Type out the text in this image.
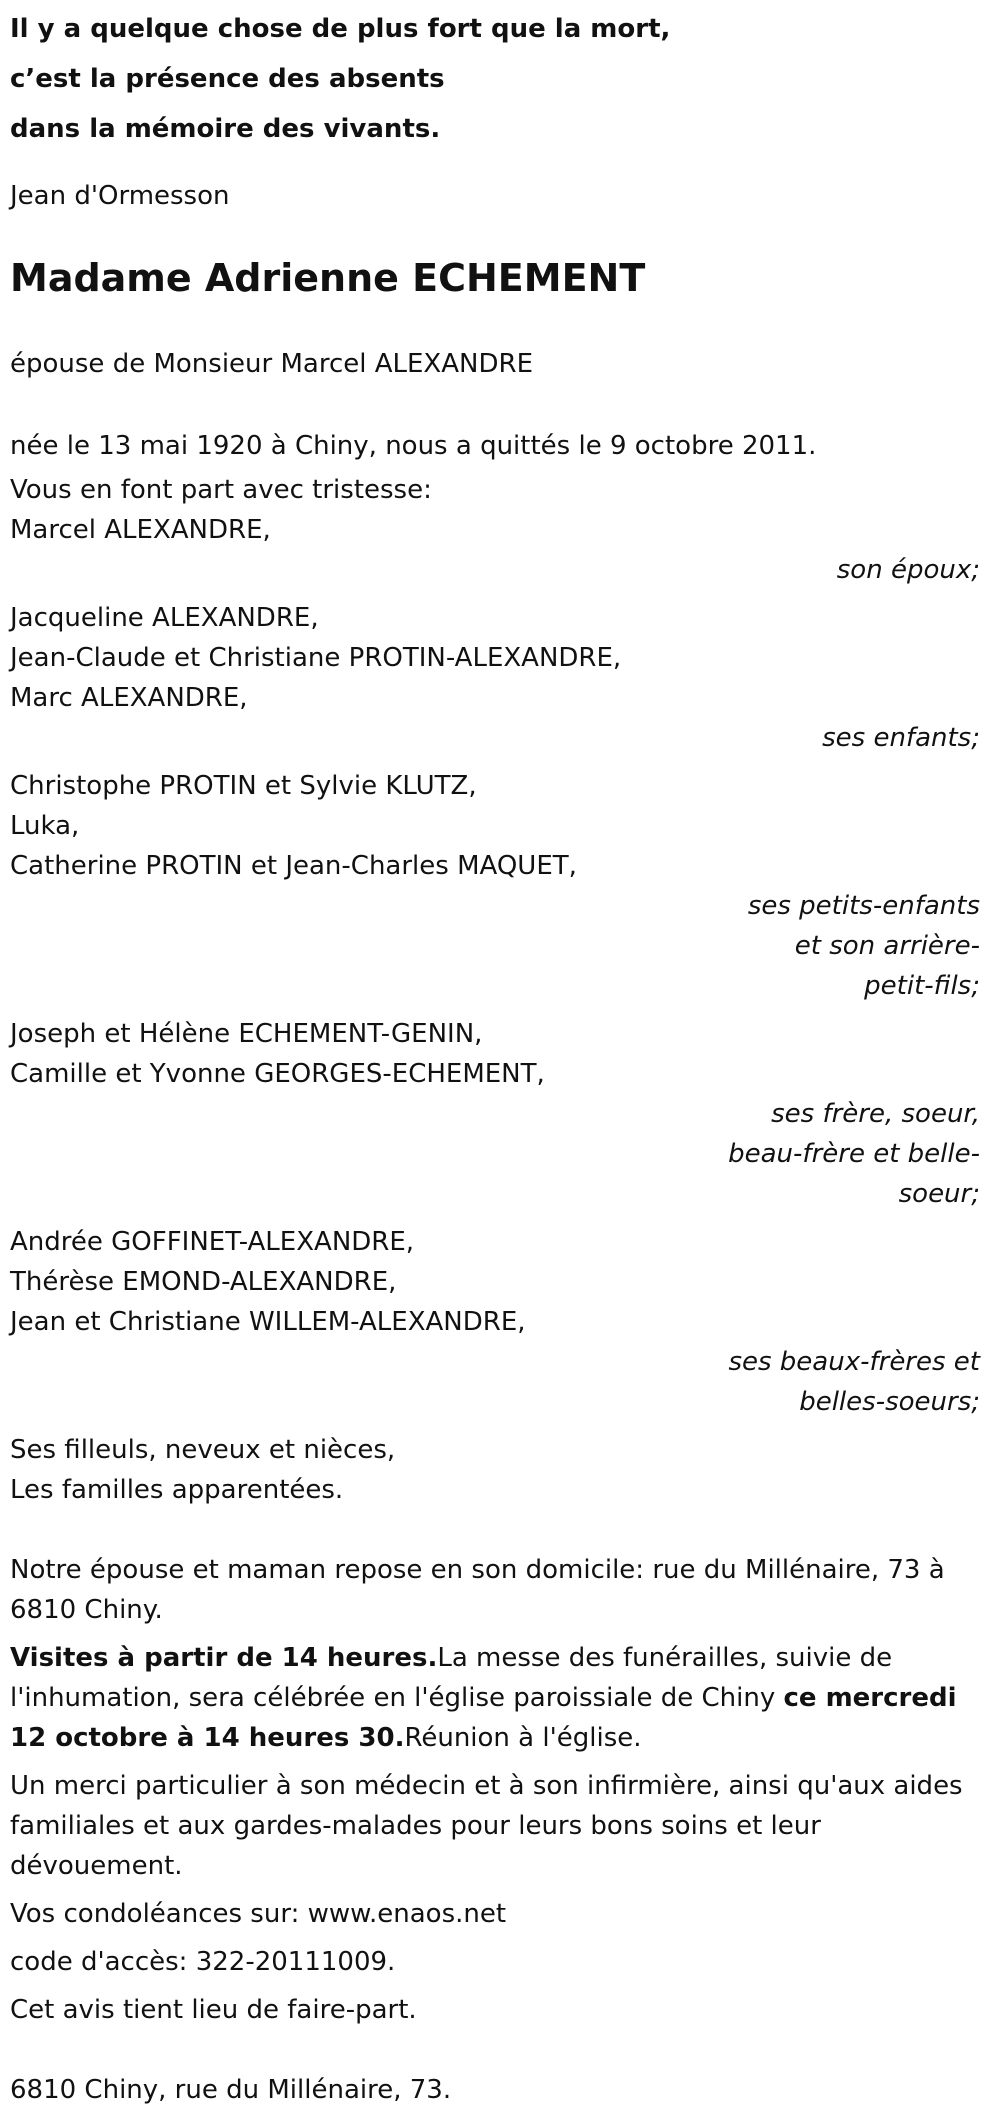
Il y a quelque chose de plus fort que la mort,
c’est la présence des absents
dans la mémoire des vivants.
Jean d'Ormesson
Madame Adrienne ECHEMENT
épouse de Monsieur Marcel ALEXANDRE
née le 13 mai 1920 à Chiny, nous a quittés le 9 octobre 2011.
Vous en font part avec tristesse:
Marcel ALEXANDRE,
son époux;
Jacqueline ALEXANDRE,
Jean-Claude et Christiane PROTIN-ALEXANDRE,
Marc ALEXANDRE,
ses enfants;
Christophe PROTIN et Sylvie KLUTZ,
Luka,
Catherine PROTIN et Jean-Charles MAQUET,
ses petits-enfants
et son arrière-
petit-fils;
Joseph et Hélène ECHEMENT-GENIN,
Camille et Yvonne GEORGES-ECHEMENT,
ses frère, soeur,
beau-frère et belle-
soeur;
Andrée GOFFINET-ALEXANDRE,
Thérèse EMOND-ALEXANDRE,
Jean et Christiane WILLEM-ALEXANDRE,
ses beaux-frères et
belles-soeurs;
Ses filleuls, neveux et nièces,
Les familles apparentées.
Notre épouse et maman repose en son domicile: rue du Millénaire, 73 à 6810 Chiny.
Visites à partir de 14 heures.La messe des funérailles, suivie de l'inhumation, sera célébrée en l'église paroissiale de Chiny ce mercredi 12 octobre à 14 heures 30.Réunion à l'église.
Un merci particulier à son médecin et à son infirmière, ainsi qu'aux aides familiales et aux gardes-malades pour leurs bons soins et leur dévouement.
Vos condoléances sur: www.enaos.net
code d'accès: 322-20111009.
Cet avis tient lieu de faire-part.
6810 Chiny, rue du Millénaire, 73.
